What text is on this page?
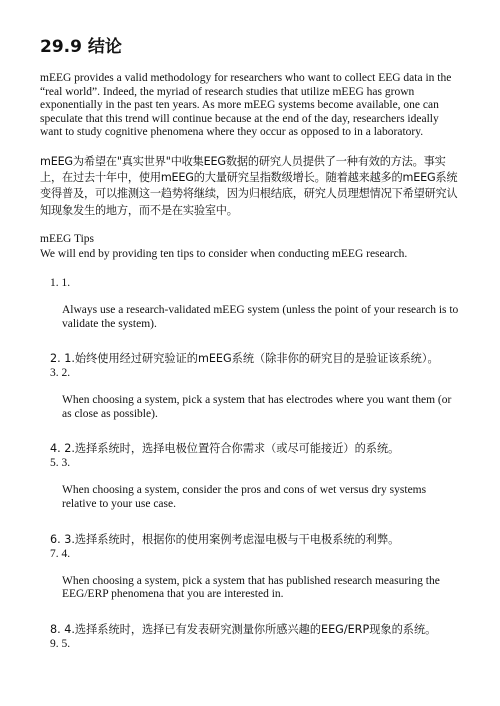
29.9 结论

mEEG provides a valid methodology for researchers who want to collect EEG data in the “real world”. Indeed, the myriad of research studies that utilize mEEG has grown exponentially in the past ten years. As more mEEG systems become available, one can speculate that this trend will continue because at the end of the day, researchers ideally want to study cognitive phenomena where they occur as opposed to in a laboratory.

mEEG为希望在"真实世界"中收集EEG数据的研究人员提供了一种有效的方法。事实上，在过去十年中，使用mEEG的大量研究呈指数级增长。随着越来越多的mEEG系统变得普及，可以推测这一趋势将继续，因为归根结底，研究人员理想情况下希望研究认知现象发生的地方，而不是在实验室中。

mEEG Tips

We will end by providing ten tips to consider when conducting mEEG research.

1. 1.

Always use a research-validated mEEG system (unless the point of your research is to validate the system).

2. 1.始终使用经过研究验证的mEEG系统（除非你的研究目的是验证该系统）。
3. 2.

When choosing a system, pick a system that has electrodes where you want them (or as close as possible).

4. 2.选择系统时，选择电极位置符合你需求（或尽可能接近）的系统。
5. 3.

When choosing a system, consider the pros and cons of wet versus dry systems relative to your use case.

6. 3.选择系统时，根据你的使用案例考虑湿电极与干电极系统的利弊。
7. 4.

When choosing a system, pick a system that has published research measuring the EEG/ERP phenomena that you are interested in.

8. 4.选择系统时，选择已有发表研究测量你所感兴趣的EEG/ERP现象的系统。
9. 5.
